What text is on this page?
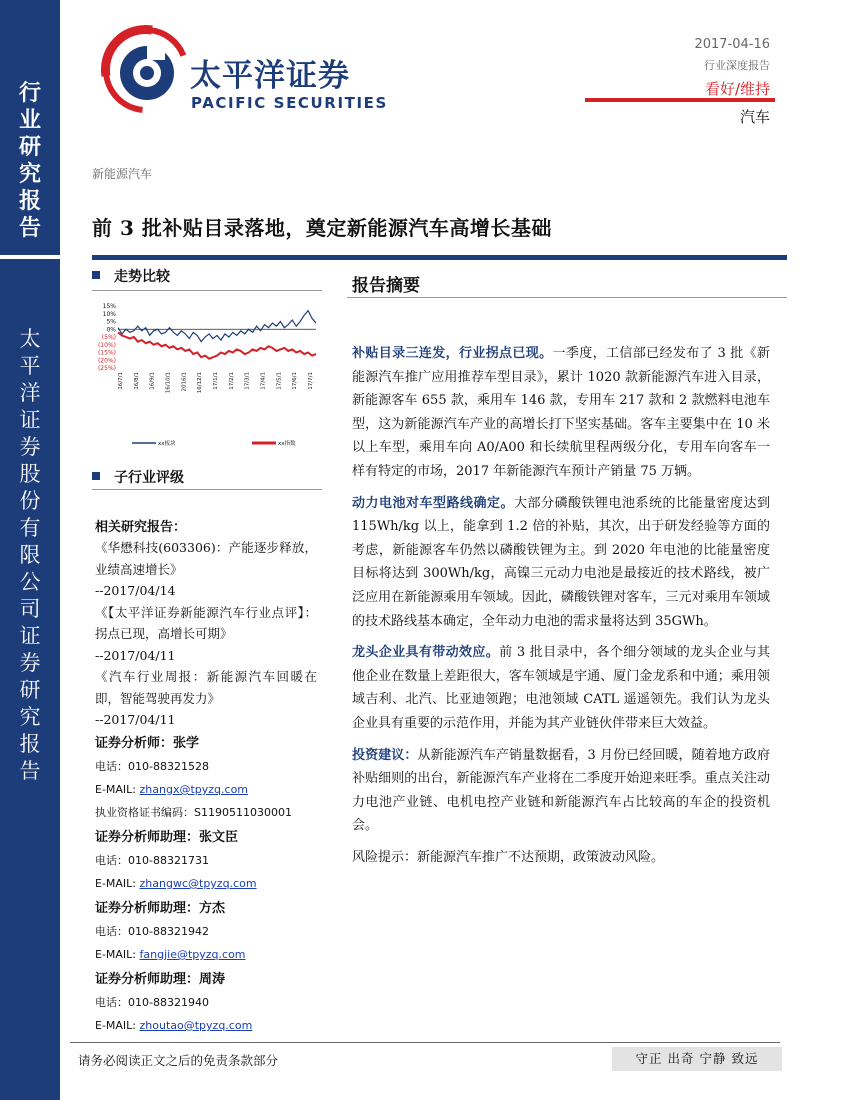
行
业
研
究
报
告
太
平
洋
证
券
股
份
有
限
公
司
证
券
研
究
报
告
太平洋证券
PACIFIC SECURITIES
2017-04-16
行业深度报告
看好/维持
汽车
新能源汽车
前 3 批补贴目录落地，奠定新能源汽车高增长基础
走势比较
15%
10%
5%
0%
(5%)
(10%)
(15%)
(20%)
(25%)
16/7/1 16/8/1 16/9/1 16/10/1 2016/1 16/12/1 17/1/1 17/2/1 17/3/1 17/4/1 17/5/1 17/6/1 17/7/1
xx板块	xx指数
子行业评级
相关研究报告：
《华懋科技(603306)：产能逐步释放，业绩高速增长》
--2017/04/14
《【太平洋证券新能源汽车行业点评】：拐点已现，高增长可期》
--2017/04/11
《汽车行业周报：新能源汽车回暖在即，智能驾驶再发力》
--2017/04/11
证券分析师：张学
电话：010-88321528
E-MAIL: zhangx@tpyzq.com
执业资格证书编码：S1190511030001
证券分析师助理：张文臣
电话：010-88321731
E-MAIL: zhangwc@tpyzq.com
证券分析师助理：方杰
电话：010-88321942
E-MAIL: fangjie@tpyzq.com
证券分析师助理：周涛
电话：010-88321940
E-MAIL: zhoutao@tpyzq.com
报告摘要

补贴目录三连发，行业拐点已现。一季度，工信部已经发布了 3 批《新能源汽车推广应用推荐车型目录》，累计 1020 款新能源汽车进入目录，新能源客车 655 款，乘用车 146 款，专用车 217 款和 2 款燃料电池车型，这为新能源汽车产业的高增长打下坚实基础。客车主要集中在 10 米以上车型，乘用车向 A0/A00 和长续航里程两级分化，专用车向客车一样有特定的市场，2017 年新能源汽车预计产销量 75 万辆。

动力电池对车型路线确定。大部分磷酸铁锂电池系统的比能量密度达到 115Wh/kg 以上，能拿到 1.2 倍的补贴，其次，出于研发经验等方面的考虑，新能源客车仍然以磷酸铁锂为主。到 2020 年电池的比能量密度目标将达到 300Wh/kg，高镍三元动力电池是最接近的技术路线，被广泛应用在新能源乘用车领域。因此，磷酸铁锂对客车，三元对乘用车领域的技术路线基本确定，全年动力电池的需求量将达到 35GWh。

龙头企业具有带动效应。前 3 批目录中，各个细分领域的龙头企业与其他企业在数量上差距很大，客车领域是宇通、厦门金龙系和中通；乘用领域吉利、北汽、比亚迪领跑；电池领域 CATL 遥遥领先。我们认为龙头企业具有重要的示范作用，并能为其产业链伙伴带来巨大效益。

投资建议：从新能源汽车产销量数据看，3 月份已经回暖，随着地方政府补贴细则的出台，新能源汽车产业将在二季度开始迎来旺季。重点关注动力电池产业链、电机电控产业链和新能源汽车占比较高的车企的投资机会。

风险提示：新能源汽车推广不达预期，政策波动风险。

请务必阅读正文之后的免责条款部分	守正 出奇 宁静 致远
